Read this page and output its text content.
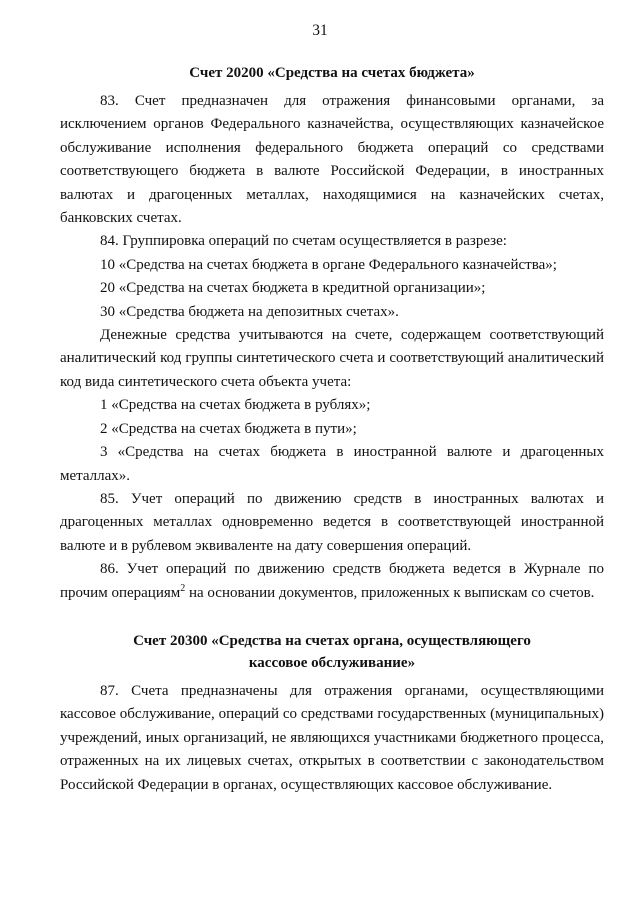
31
Счет 20200 «Средства на счетах бюджета»

83. Счет предназначен для отражения финансовыми органами, за исключением органов Федерального казначейства, осуществляющих казначейское обслуживание исполнения федерального бюджета операций со средствами соответствующего бюджета в валюте Российской Федерации, в иностранных валютах и драгоценных металлах, находящимися на казначейских счетах, банковских счетах.

84. Группировка операций по счетам осуществляется в разрезе:

10 «Средства на счетах бюджета в органе Федерального казначейства»;

20 «Средства на счетах бюджета в кредитной организации»;

30 «Средства бюджета на депозитных счетах».

Денежные средства учитываются на счете, содержащем соответствующий аналитический код группы синтетического счета и соответствующий аналитический код вида синтетического счета объекта учета:

1 «Средства на счетах бюджета в рублях»;

2 «Средства на счетах бюджета в пути»;

3 «Средства на счетах бюджета в иностранной валюте и драгоценных металлах».

85. Учет операций по движению средств в иностранных валютах и драгоценных металлах одновременно ведется в соответствующей иностранной валюте и в рублевом эквиваленте на дату совершения операций.

86. Учет операций по движению средств бюджета ведется в Журнале по прочим операциям$^2$ на основании документов, приложенных к выпискам со счетов.

Счет 20300 «Средства на счетах органа, осуществляющего
кассовое обслуживание»

87. Счета предназначены для отражения органами, осуществляющими кассовое обслуживание, операций со средствами государственных (муниципальных) учреждений, иных организаций, не являющихся участниками бюджетного процесса, отраженных на их лицевых счетах, открытых в соответствии с законодательством Российской Федерации в органах, осуществляющих кассовое обслуживание.
